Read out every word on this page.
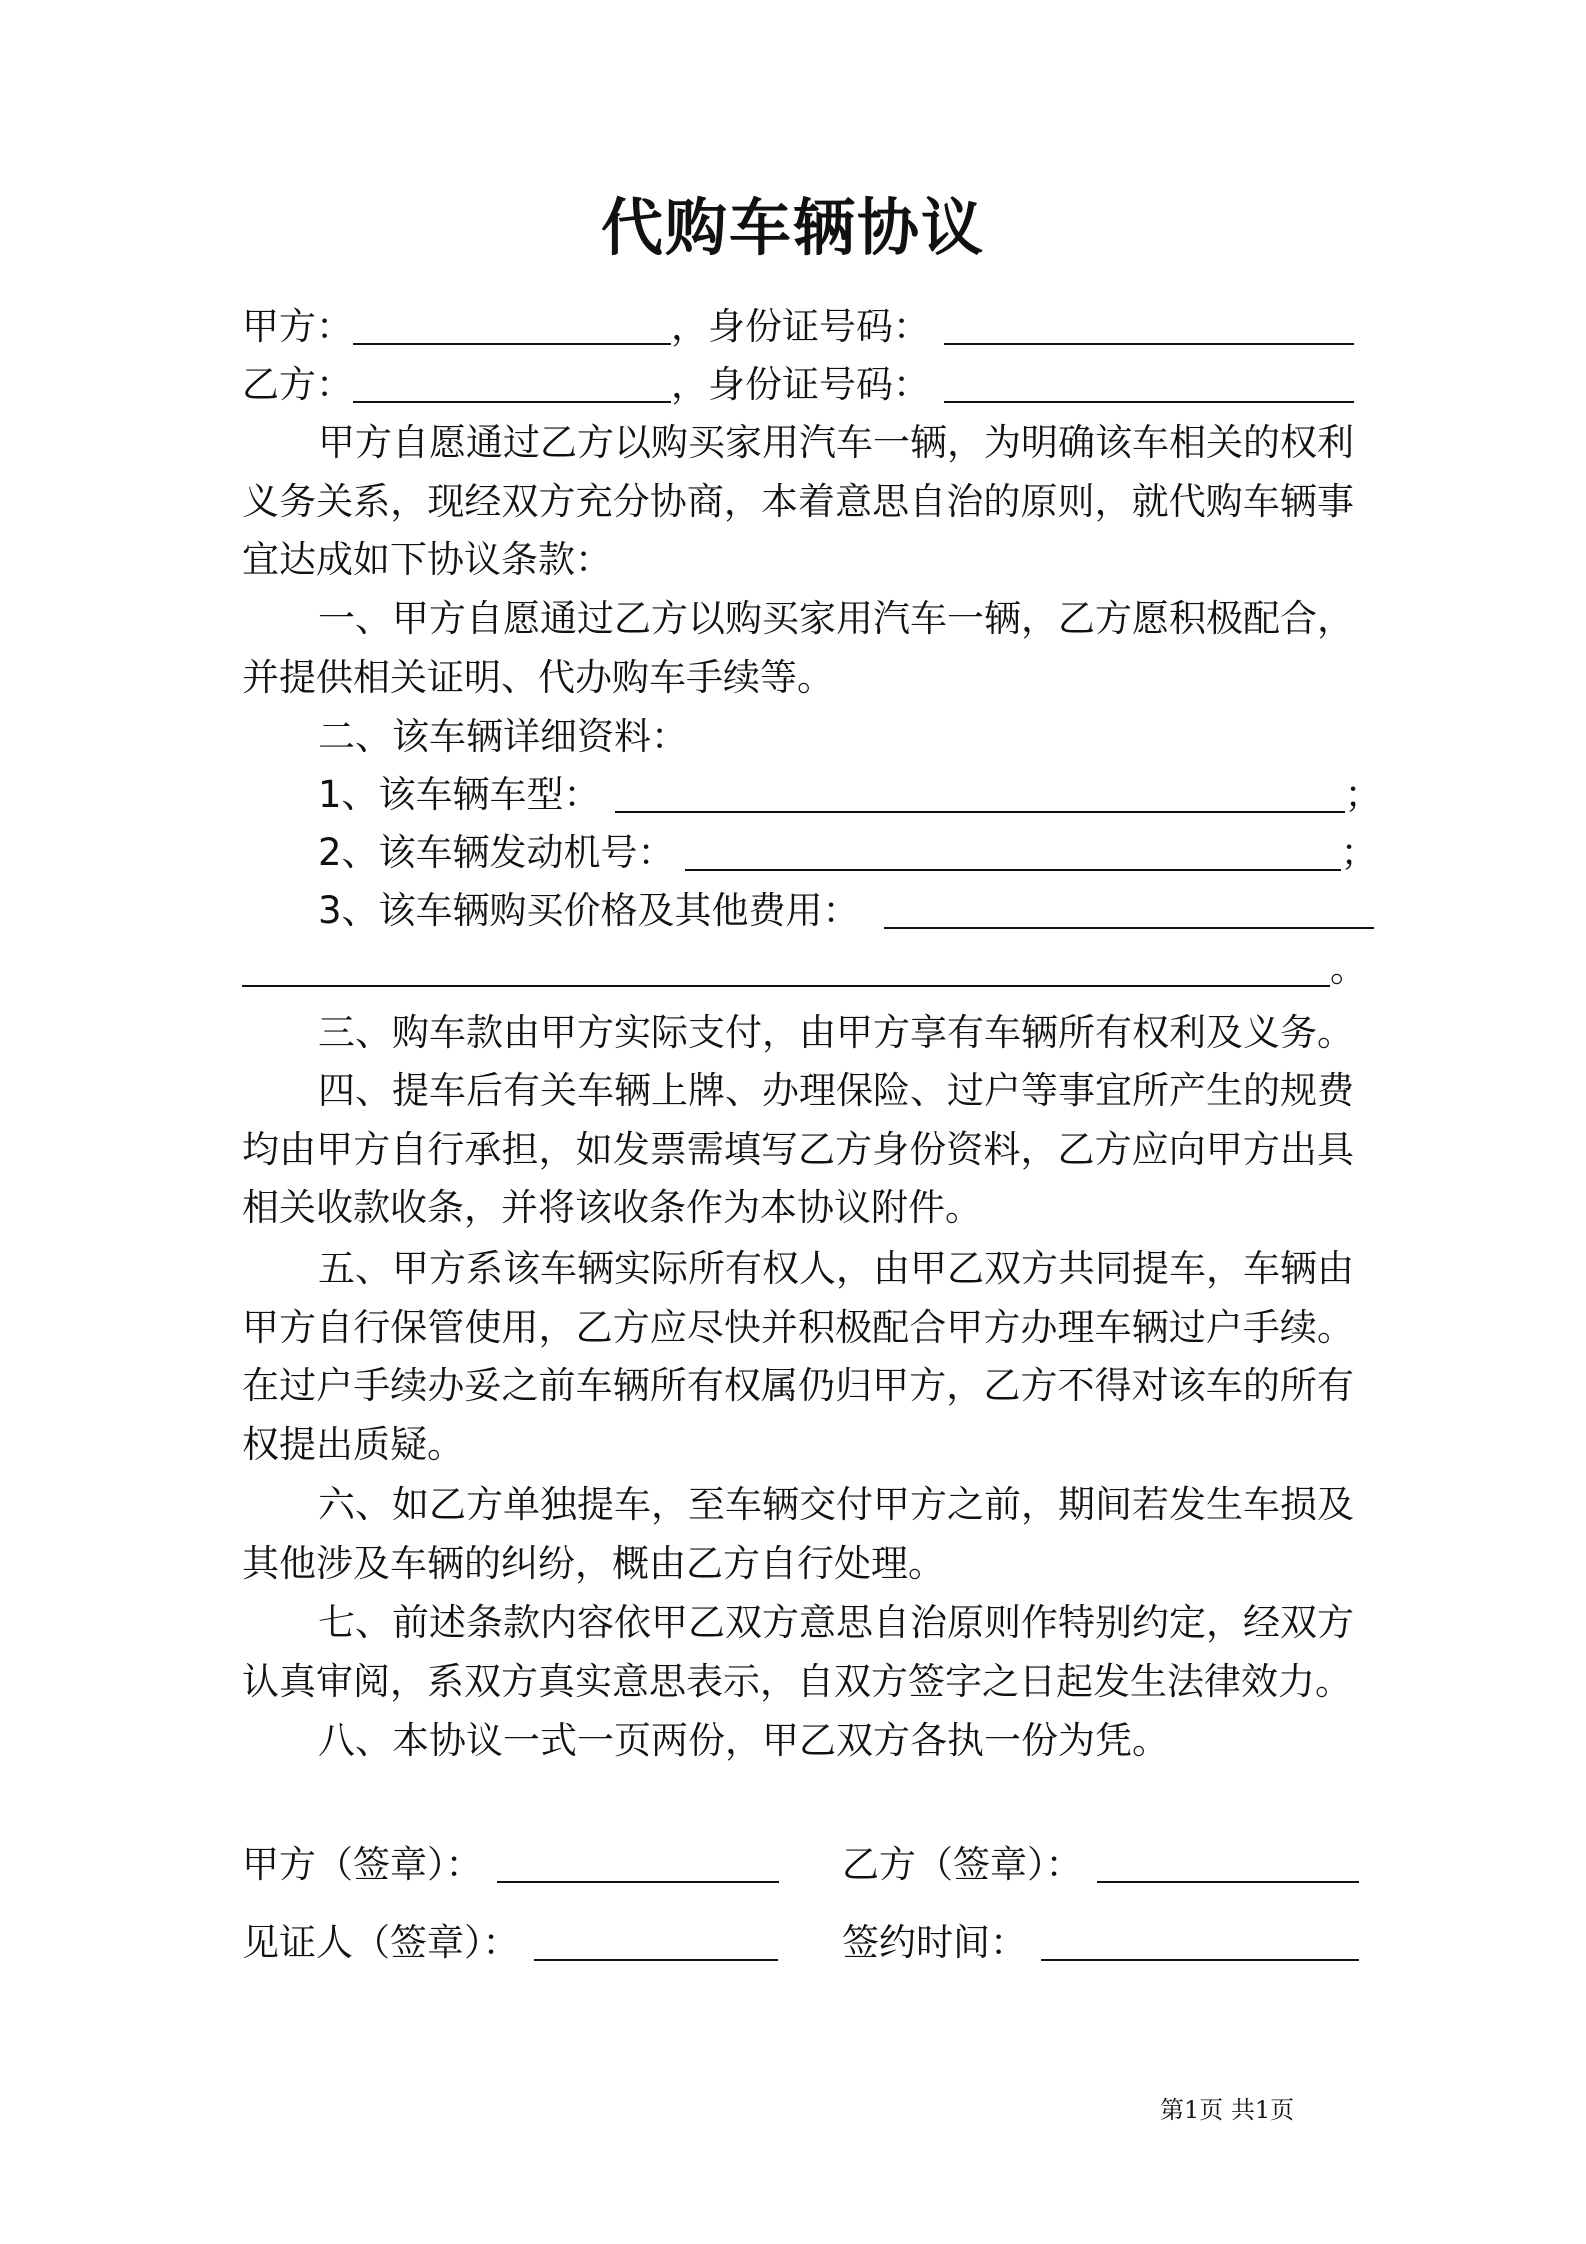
代购车辆协议
甲方：	，身份证号码：
乙方：	，身份证号码：
甲方自愿通过乙方以购买家用汽车一辆，为明确该车相关的权利义务关系，现经双方充分协商，本着意思自治的原则，就代购车辆事宜达成如下协议条款：
一、甲方自愿通过乙方以购买家用汽车一辆，乙方愿积极配合，并提供相关证明、代办购车手续等。
二、该车辆详细资料：
1、该车辆车型：	；
2、该车辆发动机号：	；
3、该车辆购买价格及其他费用：
。
三、购车款由甲方实际支付，由甲方享有车辆所有权利及义务。
四、提车后有关车辆上牌、办理保险、过户等事宜所产生的规费均由甲方自行承担，如发票需填写乙方身份资料，乙方应向甲方出具相关收款收条，并将该收条作为本协议附件。
五、甲方系该车辆实际所有权人，由甲乙双方共同提车，车辆由甲方自行保管使用，乙方应尽快并积极配合甲方办理车辆过户手续。在过户手续办妥之前车辆所有权属仍归甲方，乙方不得对该车的所有权提出质疑。
六、如乙方单独提车，至车辆交付甲方之前，期间若发生车损及其他涉及车辆的纠纷，概由乙方自行处理。
七、前述条款内容依甲乙双方意思自治原则作特别约定，经双方认真审阅，系双方真实意思表示，自双方签字之日起发生法律效力。
八、本协议一式一页两份，甲乙双方各执一份为凭。
甲方（签章）：	乙方（签章）：
见证人（签章）：	签约时间：
第1页 共1页
